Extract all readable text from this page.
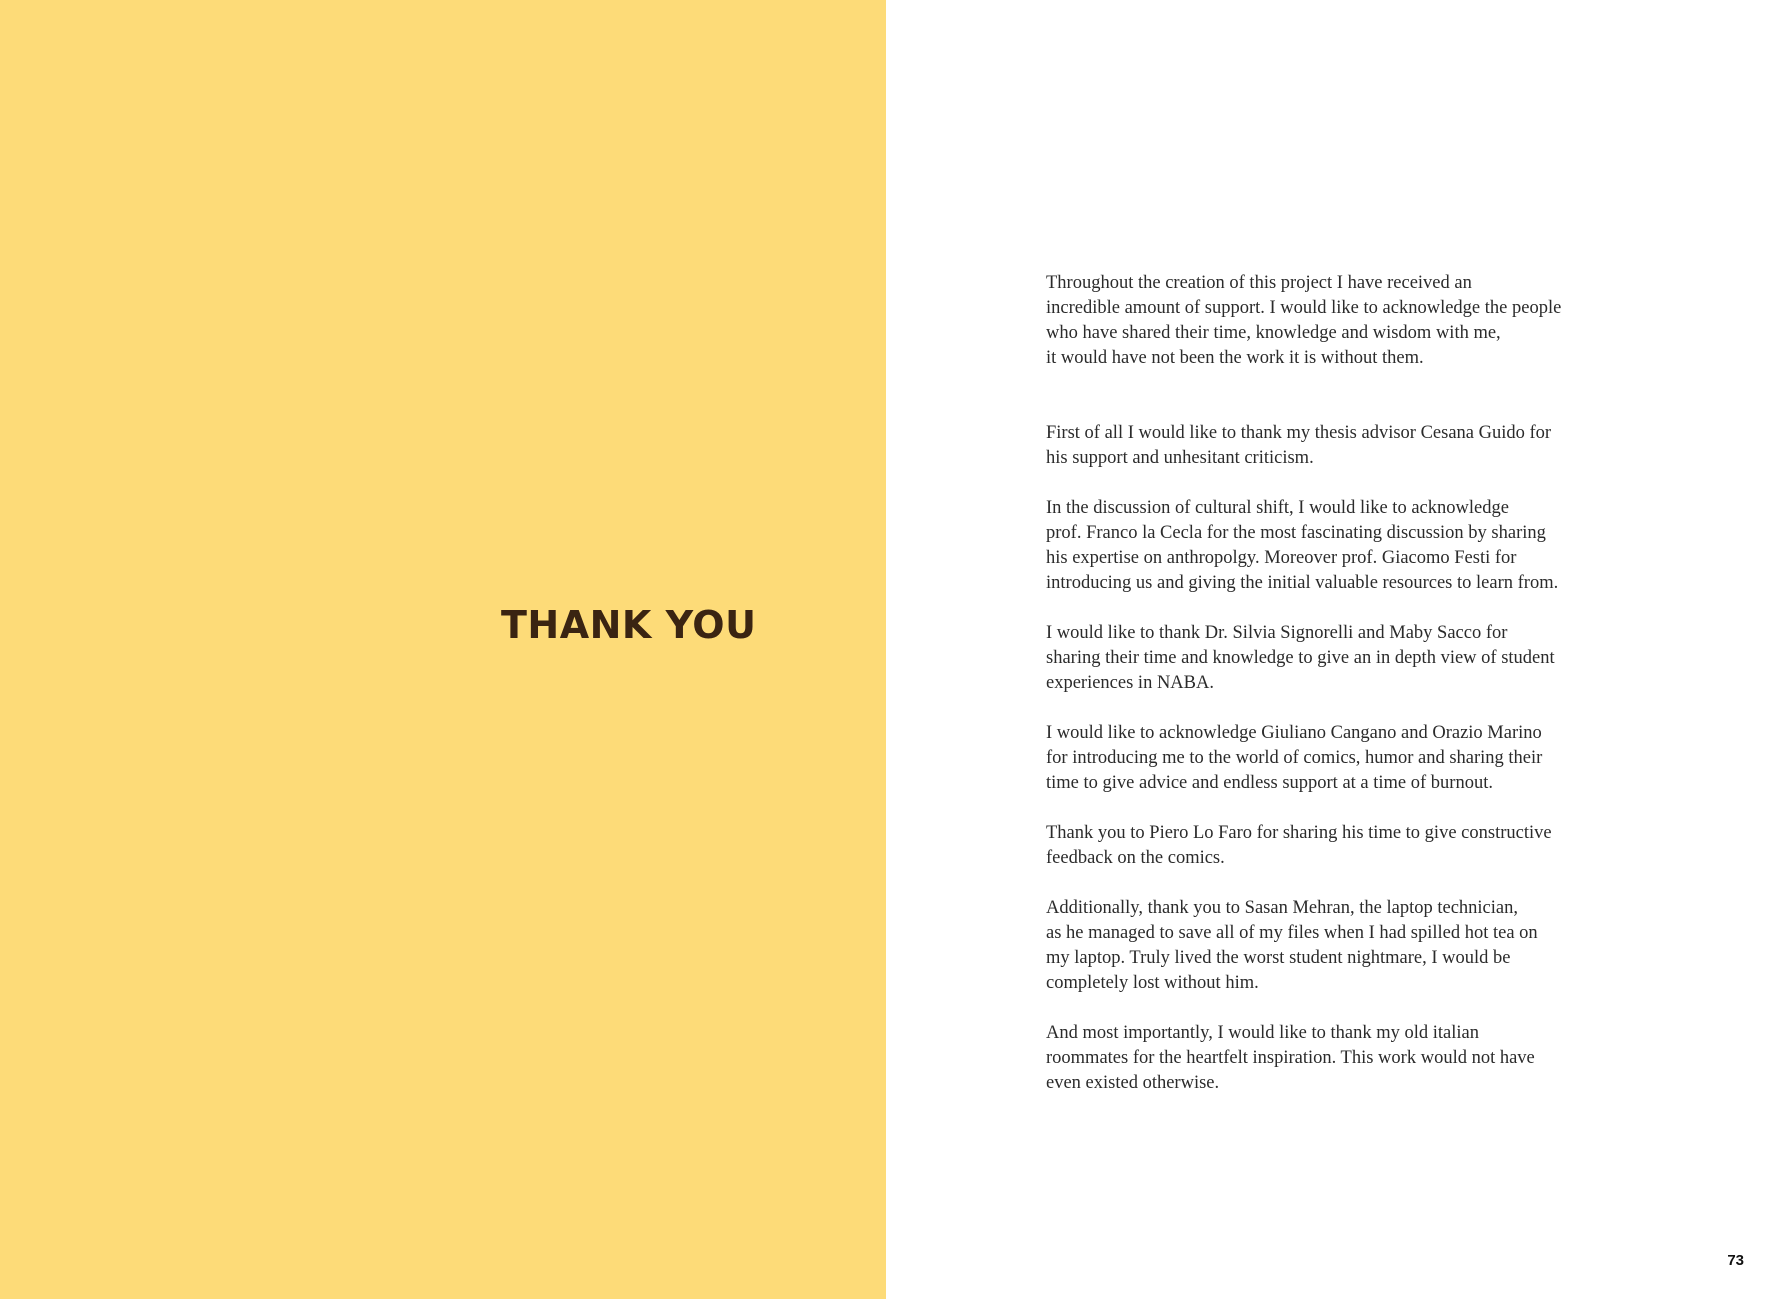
THANK YOU

Throughout the creation of this project I have received an
incredible amount of support. I would like to acknowledge the people
who have shared their time, knowledge and wisdom with me,
it would have not been the work it is without them.

First of all I would like to thank my thesis advisor Cesana Guido for
his support and unhesitant criticism.

In the discussion of cultural shift, I would like to acknowledge
prof. Franco la Cecla for the most fascinating discussion by sharing
his expertise on anthropolgy. Moreover prof. Giacomo Festi for
introducing us and giving the initial valuable resources to learn from.

I would like to thank Dr. Silvia Signorelli and Maby Sacco for
sharing their time and knowledge to give an in depth view of student
experiences in NABA.

I would like to acknowledge Giuliano Cangano and Orazio Marino
for introducing me to the world of comics, humor and sharing their
time to give advice and endless support at a time of burnout.

Thank you to Piero Lo Faro for sharing his time to give constructive
feedback on the comics.

Additionally, thank you to Sasan Mehran, the laptop technician,
as he managed to save all of my files when I had spilled hot tea on
my laptop. Truly lived the worst student nightmare, I would be
completely lost without him.

And most importantly, I would like to thank my old italian
roommates for the heartfelt inspiration. This work would not have
even existed otherwise.

73
